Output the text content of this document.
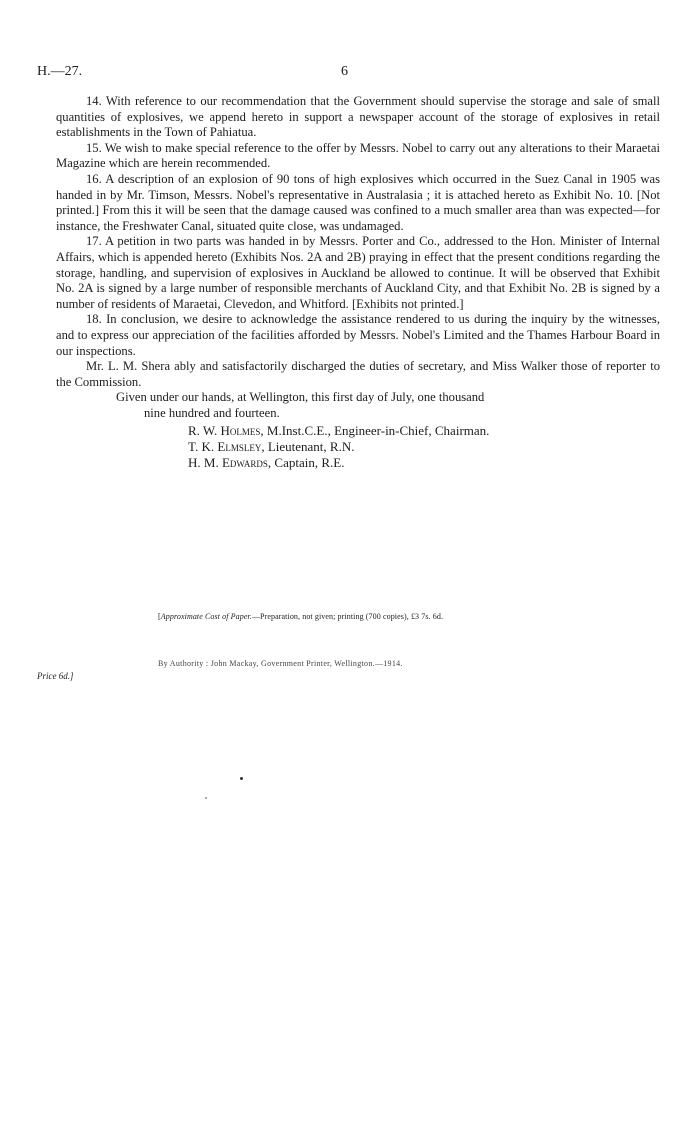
H.—27.	6

14. With reference to our recommendation that the Government should supervise the storage and sale of small quantities of explosives, we append hereto in support a newspaper account of the storage of explosives in retail establishments in the Town of Pahiatua.

15. We wish to make special reference to the offer by Messrs. Nobel to carry out any alterations to their Maraetai Magazine which are herein recommended.

16. A description of an explosion of 90 tons of high explosives which occurred in the Suez Canal in 1905 was handed in by Mr. Timson, Messrs. Nobel's representative in Australasia ; it is attached hereto as Exhibit No. 10. [Not printed.] From this it will be seen that the damage caused was confined to a much smaller area than was expected—for instance, the Freshwater Canal, situated quite close, was undamaged.

17. A petition in two parts was handed in by Messrs. Porter and Co., addressed to the Hon. Minister of Internal Affairs, which is appended hereto (Exhibits Nos. 2A and 2B) praying in effect that the present conditions regarding the storage, handling, and supervision of explosives in Auckland be allowed to continue. It will be observed that Exhibit No. 2A is signed by a large number of responsible merchants of Auckland City, and that Exhibit No. 2B is signed by a number of residents of Maraetai, Clevedon, and Whitford. [Exhibits not printed.]

18. In conclusion, we desire to acknowledge the assistance rendered to us during the inquiry by the witnesses, and to express our appreciation of the facilities afforded by Messrs. Nobel's Limited and the Thames Harbour Board in our inspections.

Mr. L. M. Shera ably and satisfactorily discharged the duties of secretary, and Miss Walker those of reporter to the Commission.

Given under our hands, at Wellington, this first day of July, one thousand

nine hundred and fourteen.

R. W. Holmes, M.Inst.C.E., Engineer-in-Chief, Chairman.

T. K. Elmsley, Lieutenant, R.N.

H. M. Edwards, Captain, R.E.

[Approximate Cost of Paper.—Preparation, not given; printing (700 copies), £3 7s. 6d.
By Authority : John Mackay, Government Printer, Wellington.—1914.
Price 6d.]
